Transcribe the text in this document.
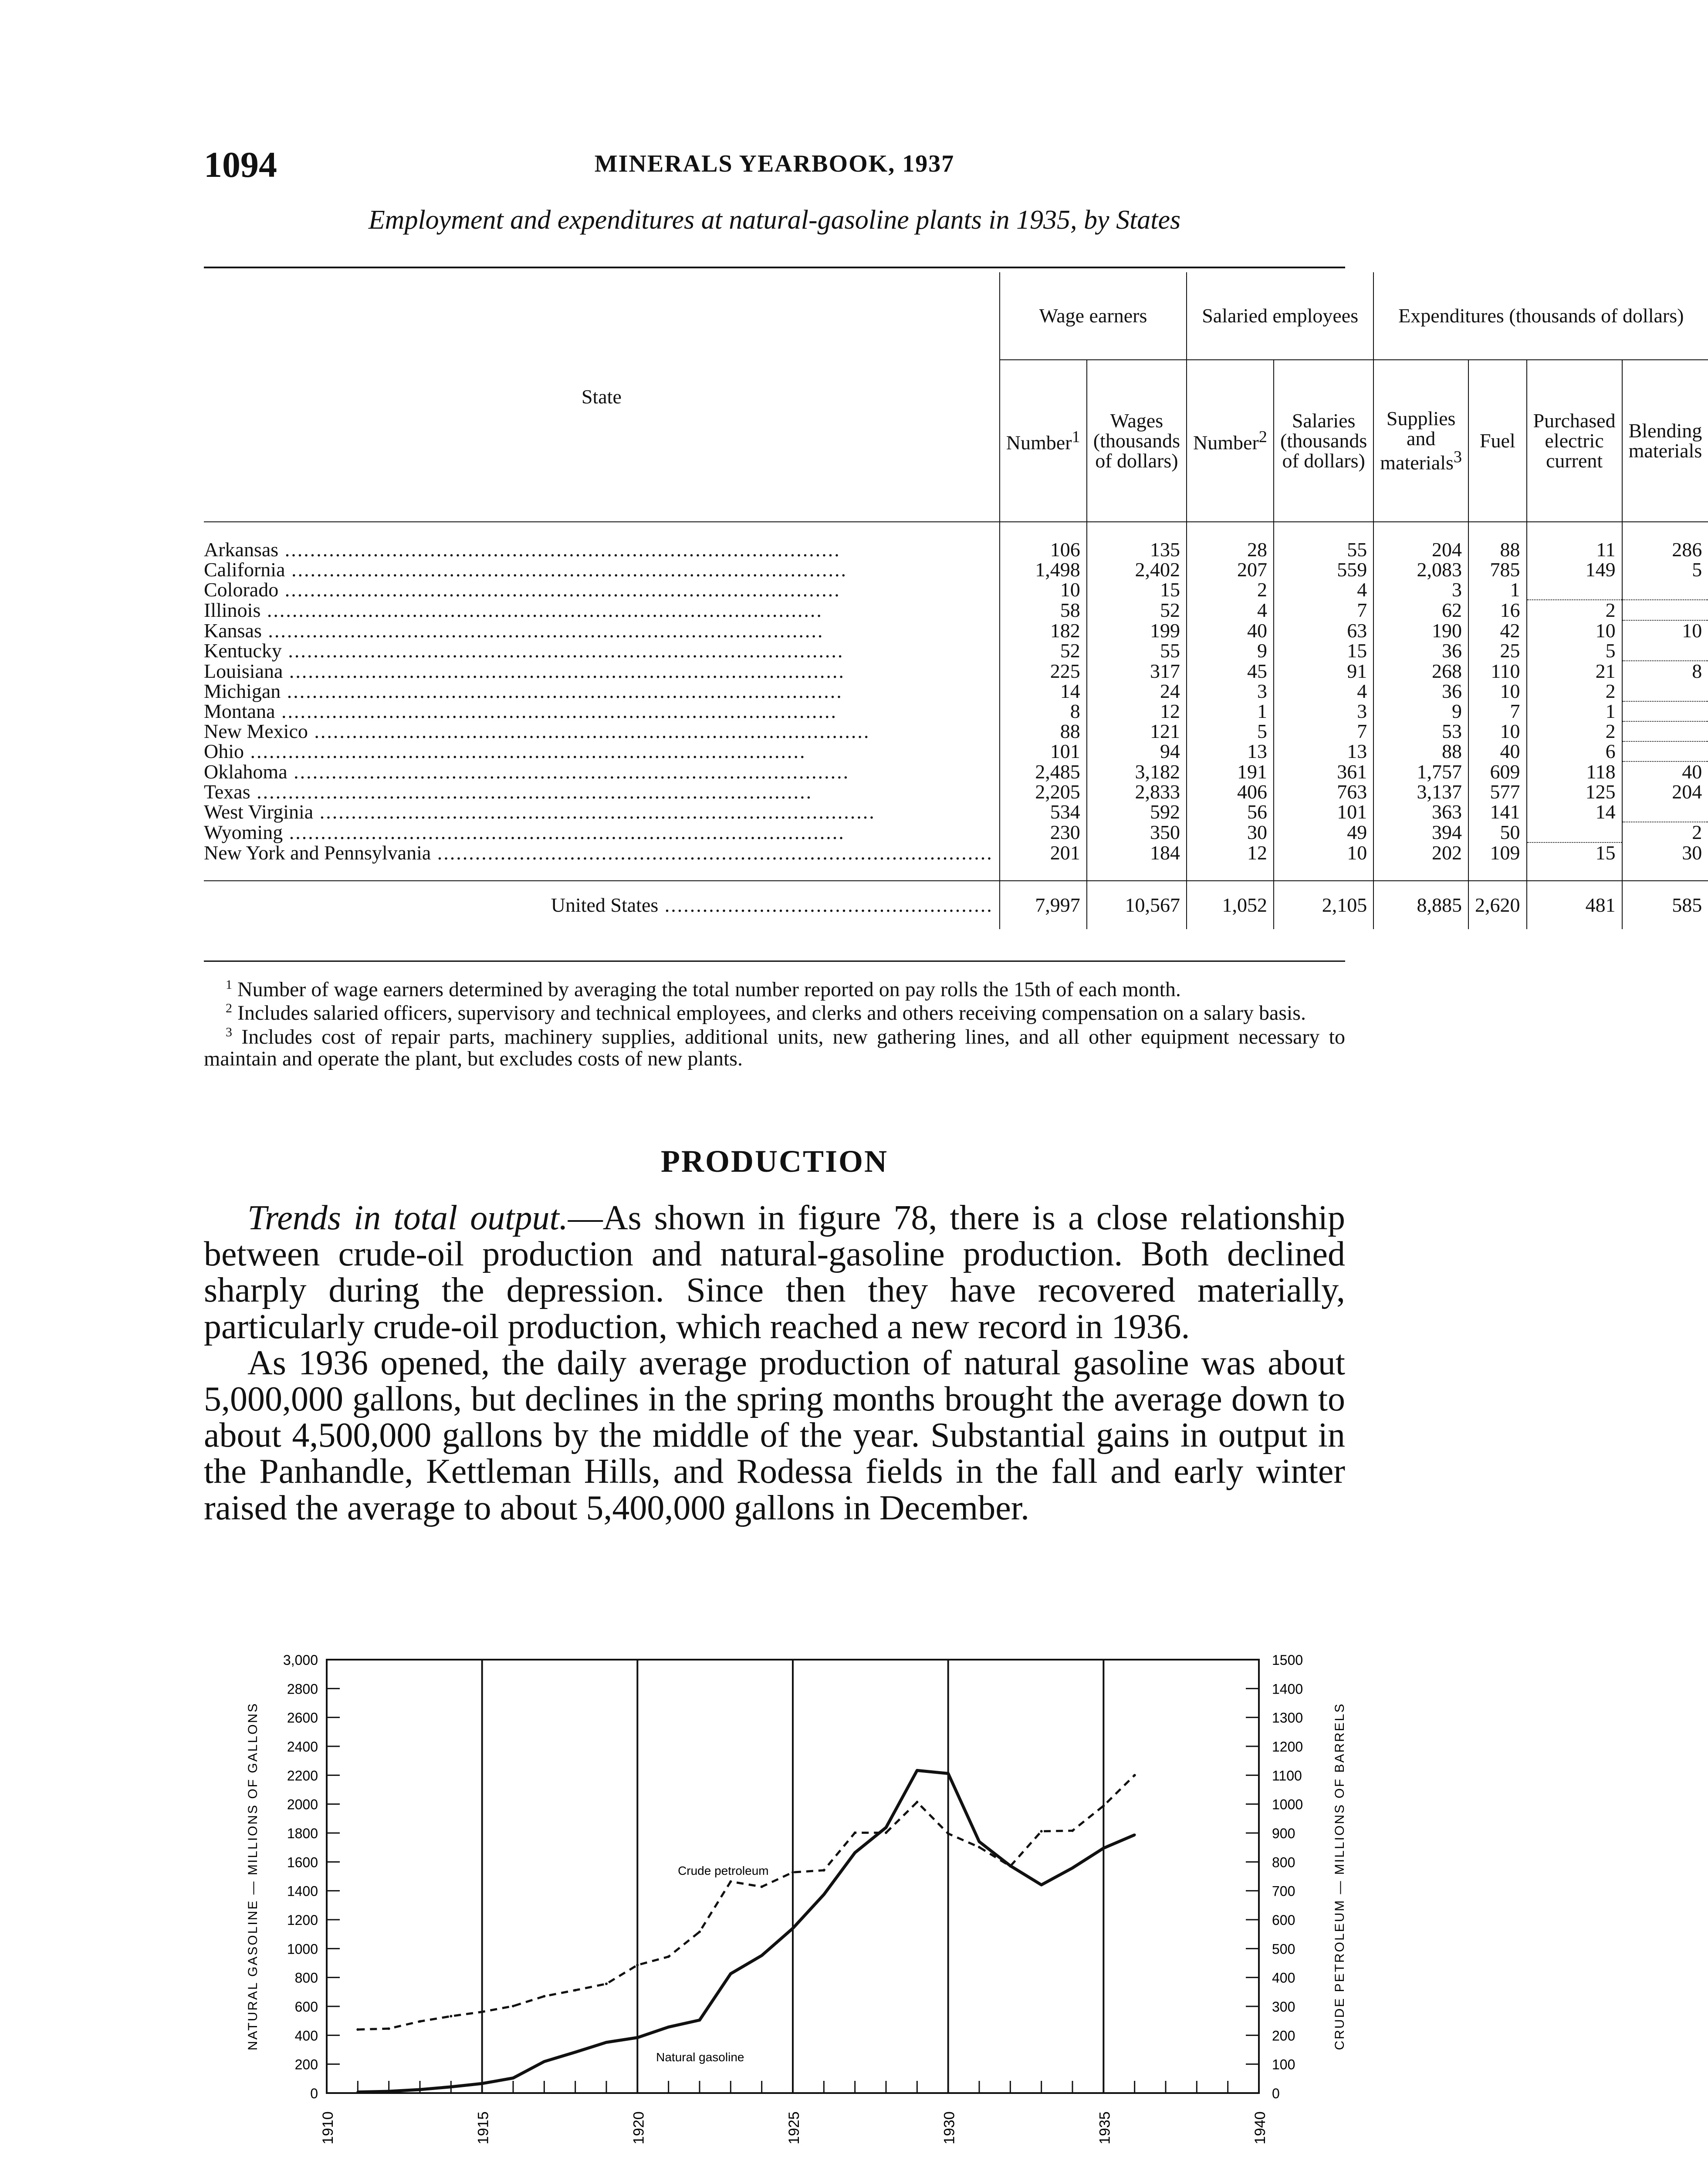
1094	MINERALS YEARBOOK, 1937
Employment and expenditures at natural-gasoline plants in 1935, by States
State	Wage earners		Salaried employees		Expenditures (thousands of dollars)			
	Number$^1$	Wages (thousands of dollars)	Number$^2$	Salaries (thousands of dollars)	Supplies and materials$^3$	Fuel	Purchased electric current	Blending materials

Arkansas .....	106	135	28	55	204	88	11	286
California .....	1,498	2,402	207	559	2,083	785	149	5
Colorado .....	10	15	2	4	3	1		
Illinois .....	58	52	4	7	62	16	2	
Kansas .....	182	199	40	63	190	42	10	10
Kentucky .....	52	55	9	15	36	25	5	
Louisiana .....	225	317	45	91	268	110	21	8
Michigan .....	14	24	3	4	36	10	2	
Montana .....	8	12	1	3	9	7	1	
New Mexico .....	88	121	5	7	53	10	2	
Ohio .....	101	94	13	13	88	40	6	
Oklahoma .....	2,485	3,182	191	361	1,757	609	118	40
Texas .....	2,205	2,833	406	763	3,137	577	125	204
West Virginia .....	534	592	56	101	363	141	14	
Wyoming .....	230	350	30	49	394	50		2
New York and Pennsylvania .....	201	184	12	10	202	109	15	30

United States .....	7,997	10,567	1,052	2,105	8,885	2,620	481	585

$^1$ Number of wage earners determined by averaging the total number reported on pay rolls the 15th of each month.

$^2$ Includes salaried officers, supervisory and technical employees, and clerks and others receiving compensation on a salary basis.

$^3$ Includes cost of repair parts, machinery supplies, additional units, new gathering lines, and all other equipment necessary to maintain and operate the plant, but excludes costs of new plants.

PRODUCTION

Trends in total output.—As shown in figure 78, there is a close relationship between crude-oil production and natural-gasoline production. Both declined sharply during the depression. Since then they have recovered materially, particularly crude-oil production, which reached a new record in 1936.

As 1936 opened, the daily average production of natural gasoline was about 5,000,000 gallons, but declines in the spring months brought the average down to about 4,500,000 gallons by the middle of the year. Substantial gains in output in the Panhandle, Kettleman Hills, and Rodessa fields in the fall and early winter raised the average to about 5,400,000 gallons in December.

1910	1915	1920	1925	1930	1935	1940
0
200
400
600
800
1000
1200
1400
1600
1800
2000
2200
2400
2600
2800
3,000
0
100
200
300
400
500
600
700
800
900
1000
1100
1200
1300
1400
1500
NATURAL GASOLINE — MILLIONS OF GALLONS	CRUDE PETROLEUM — MILLIONS OF BARRELS
Crude petroleum
Natural gasoline
